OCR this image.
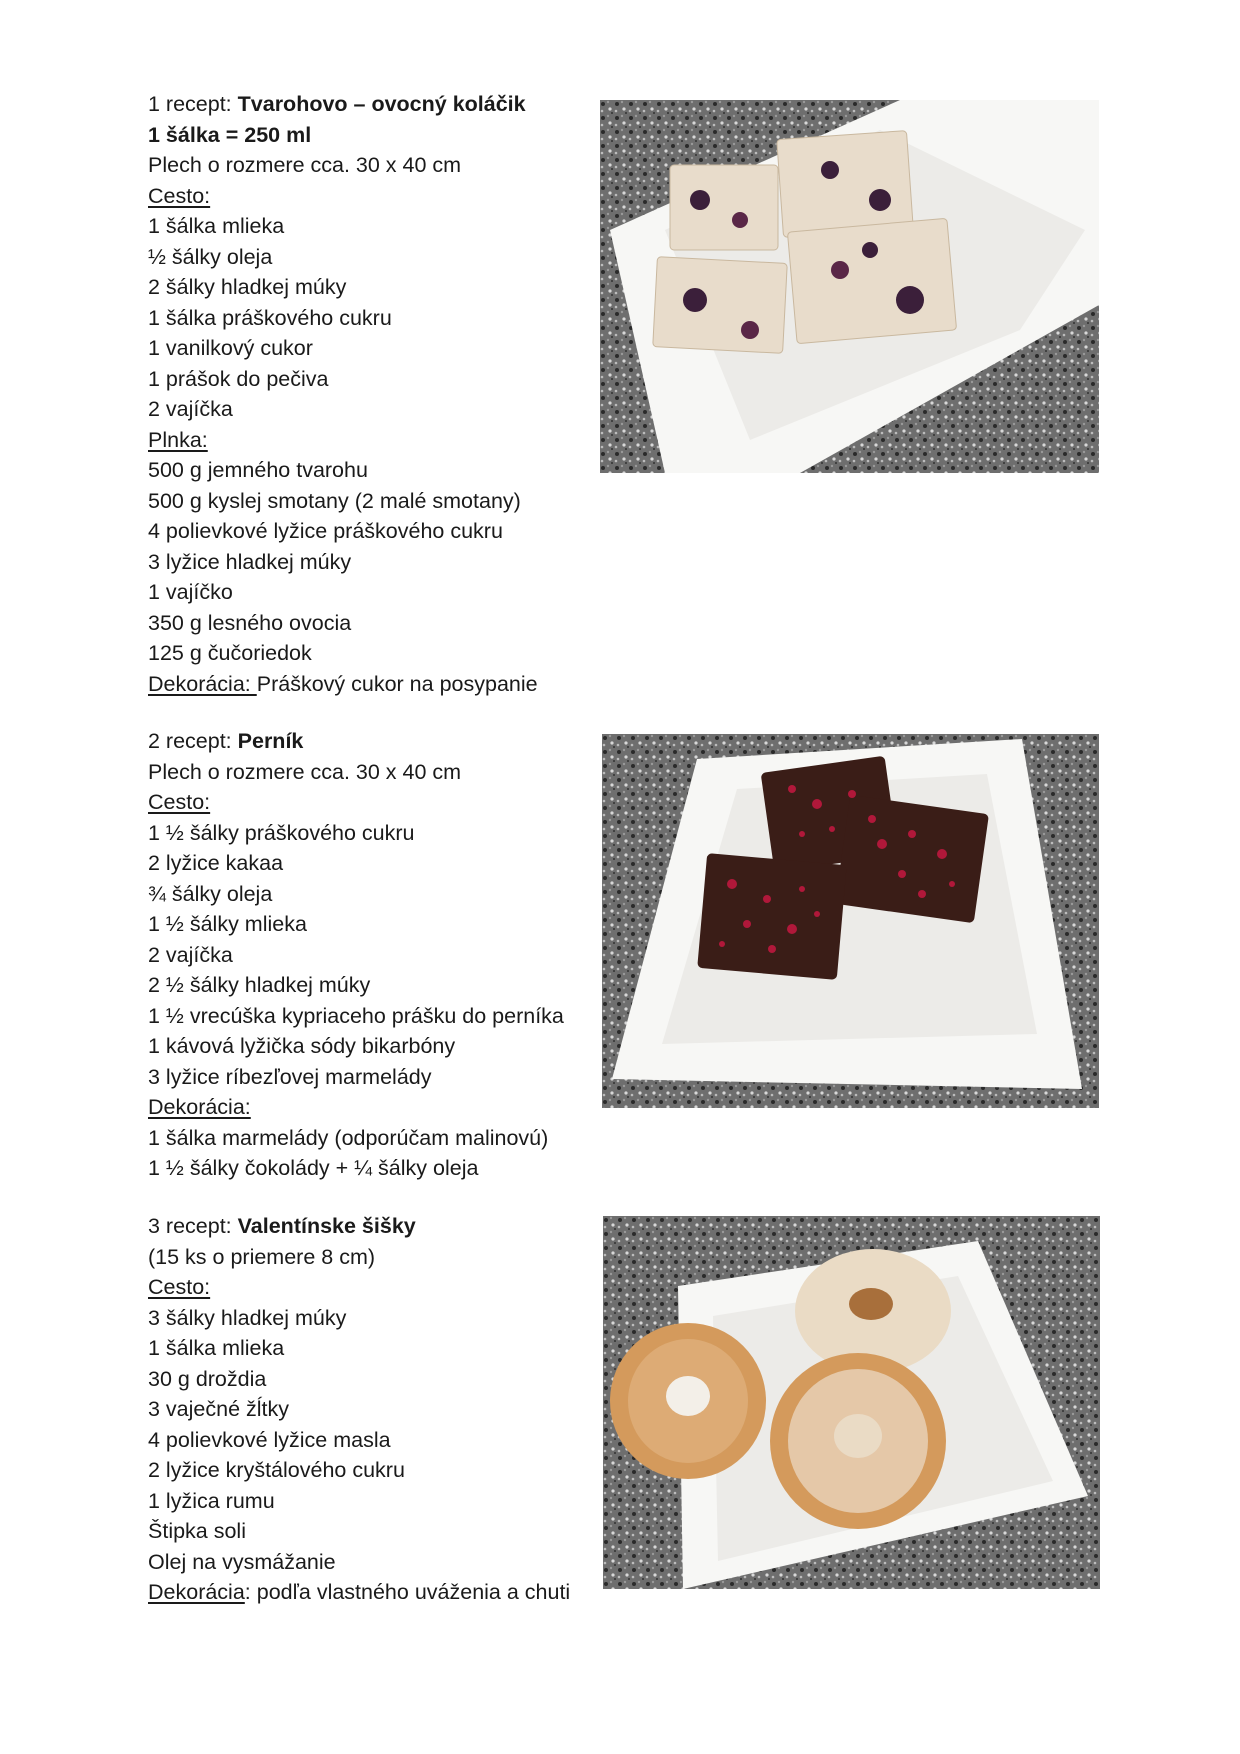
1 recept: Tvarohovo – ovocný koláčik
1 šálka = 250 ml
Plech o rozmere cca. 30 x 40 cm
Cesto:
1 šálka mlieka
½ šálky oleja
2 šálky hladkej múky
1 šálka práškového cukru
1 vanilkový cukor
1 prášok do pečiva
2 vajíčka
Plnka:
500 g jemného tvarohu
500 g kyslej smotany (2 malé smotany)
4 polievkové lyžice práškového cukru
3 lyžice hladkej múky
1 vajíčko
350 g lesného ovocia
125 g čučoriedok
Dekorácia: Práškový cukor na posypanie
2 recept: Perník
Plech o rozmere cca. 30 x 40 cm
Cesto:
1 ½ šálky práškového cukru
2 lyžice kakaa
¾ šálky oleja
1 ½ šálky mlieka
2 vajíčka
2 ½ šálky hladkej múky
1 ½ vrecúška kypriaceho prášku do perníka
1 kávová lyžička sódy bikarbóny
3 lyžice ríbezľovej marmelády
Dekorácia:
1 šálka marmelády (odporúčam malinovú)
1 ½ šálky čokolády + ¼ šálky oleja
3 recept: Valentínske šišky
(15 ks o priemere 8 cm)
Cesto:
3 šálky hladkej múky
1 šálka mlieka
30 g droždia
3 vaječné žĺtky
4 polievkové lyžice masla
2 lyžice kryštálového cukru
1 lyžica rumu
Štipka soli
Olej na vysmážanie
Dekorácia: podľa vlastného uváženia a chuti
